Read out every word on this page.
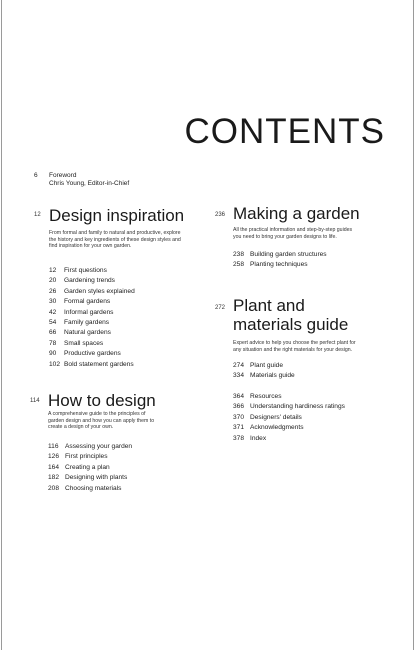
CONTENTS
6	Foreword
Chris Young, Editor-in-Chief
12 Design inspiration
From formal and family to natural and productive, explore
the history and key ingredients of these design styles and
find inspiration for your own garden.
12 First questions
20 Gardening trends
26 Garden styles explained
30 Formal gardens
42 Informal gardens
54 Family gardens
66 Natural gardens
78 Small spaces
90 Productive gardens
102 Bold statement gardens
114 How to design
A comprehensive guide to the principles of
garden design and how you can apply them to
create a design of your own.
116 Assessing your garden
126 First principles
164 Creating a plan
182 Designing with plants
208 Choosing materials
236 Making a garden
All the practical information and step-by-step guides
you need to bring your garden designs to life.
238 Building garden structures
258 Planting techniques
272 Plant and
materials guide
Expert advice to help you choose the perfect plant for
any situation and the right materials for your design.
274 Plant guide
334 Materials guide
364 Resources
366 Understanding hardiness ratings
370 Designers' details
371 Acknowledgments
378 Index
